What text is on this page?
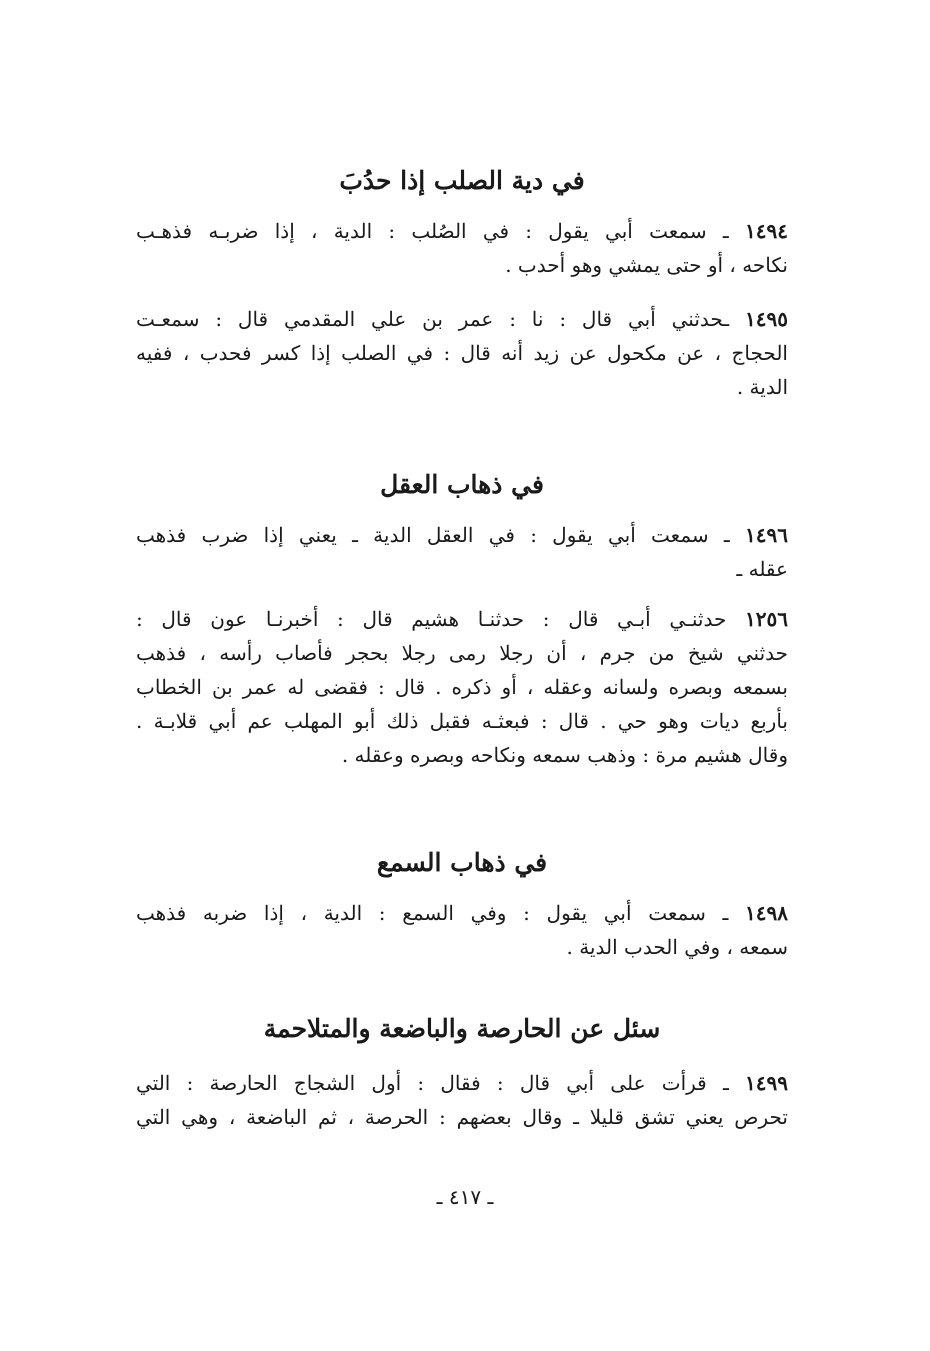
في دية الصلب إذا حدُبَ
١٤٩٤ ـ سمعت أبي يقول : في الصُلب : الدية ، إذا ضربـه فذهـب
نكاحه ، أو حتى يمشي وهو أحدب .
١٤٩٥ ـحدثني أبي قال : نا : عمر بن علي المقدمي قال : سمعـت
الحجاج ، عن مكحول عن زيد أنه قال : في الصلب إذا كسر فحدب ، ففيه
الدية .
في ذهاب العقل
١٤٩٦ ـ سمعت أبي يقول : في العقل الدية ـ يعني إذا ضرب فذهب
عقله ـ
١٢٥٦ حدثنـي أبـي قال : حدثنـا هشيم قال : أخبرنـا عون قال :
حدثني شيخ من جرم ، أن رجلا رمى رجلا بحجر فأصاب رأسه ، فذهب
بسمعه وبصره ولسانه وعقله ، أو ذكره . قال : فقضى له عمر بن الخطاب
بأربع ديات وهو حي . قال : فبعثـه فقبل ذلك أبو المهلب عم أبي قلابـة .
وقال هشيم مرة : وذهب سمعه ونكاحه وبصره وعقله .
في ذهاب السمع
١٤٩٨ ـ سمعت أبي يقول : وفي السمع : الدية ، إذا ضربه فذهب
سمعه ، وفي الحدب الدية .
سئل عن الحارصة والباضعة والمتلاحمة
١٤٩٩ ـ قرأت على أبي قال : فقال : أول الشجاج الحارصة : التي
تحرص يعني تشق قليلا ـ وقال بعضهم : الحرصة ، ثم الباضعة ، وهي التي
ـ ٤١٧ ـ
